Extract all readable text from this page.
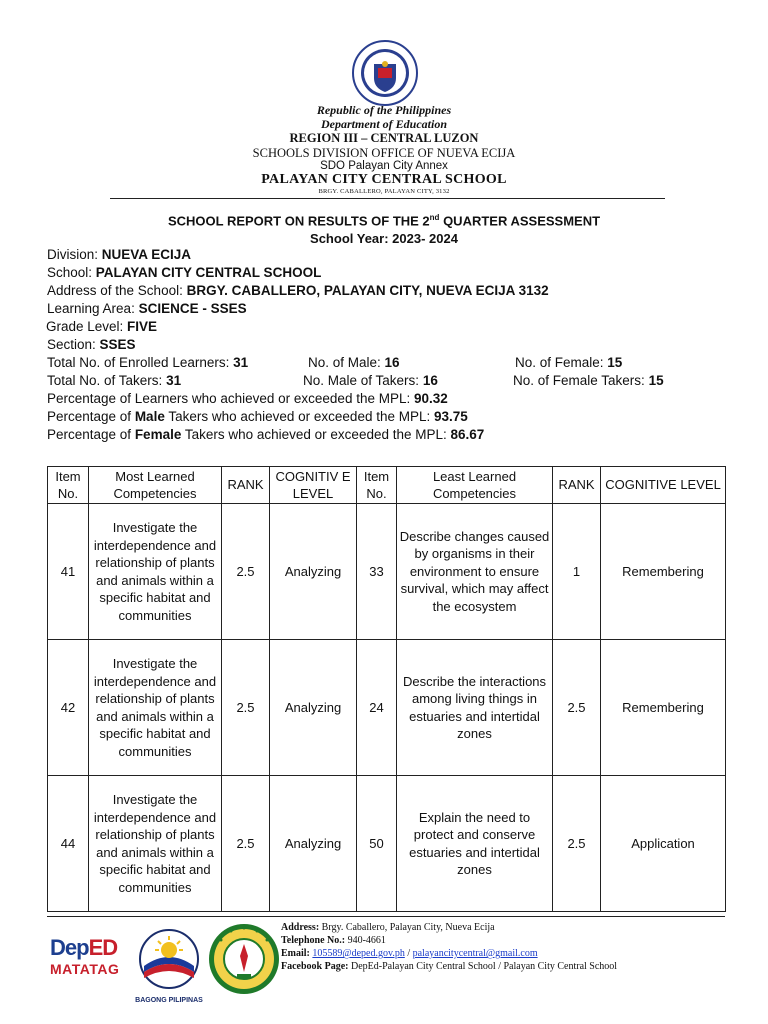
Republic of the Philippines
Department of Education
REGION III – CENTRAL LUZON
SCHOOLS DIVISION OFFICE OF NUEVA ECIJA
SDO Palayan City Annex
PALAYAN CITY CENTRAL SCHOOL
BRGY. CABALLERO, PALAYAN CITY, 3132
SCHOOL REPORT ON RESULTS OF THE 2nd QUARTER ASSESSMENT
School Year: 2023- 2024
Division: NUEVA ECIJA
School: PALAYAN CITY CENTRAL SCHOOL
Address of the School: BRGY. CABALLERO, PALAYAN CITY, NUEVA ECIJA 3132
Learning Area: SCIENCE - SSES
Grade Level: FIVE
Section: SSES
Total No. of Enrolled Learners: 31	No. of Male: 16	No. of Female: 15
Total No. of Takers: 31	No. Male of Takers: 16	No. of Female Takers: 15
Percentage of Learners who achieved or exceeded the MPL: 90.32
Percentage of Male Takers who achieved or exceeded the MPL: 93.75
Percentage of Female Takers who achieved or exceeded the MPL: 86.67
Item No.	Most Learned Competencies	RANK	COGNITIV E LEVEL	Item No.	Least Learned Competencies	RANK	COGNITIVE LEVEL
41	Investigate the interdependence and relationship of plants and animals within a specific habitat and communities	2.5	Analyzing	33	Describe changes caused by organisms in their environment to ensure survival, which may affect the ecosystem	1	Remembering
42	Investigate the interdependence and relationship of plants and animals within a specific habitat and communities	2.5	Analyzing	24	Describe the interactions among living things in estuaries and intertidal zones	2.5	Remembering
44	Investigate the interdependence and relationship of plants and animals within a specific habitat and communities	2.5	Analyzing	50	Explain the need to protect and conserve estuaries and intertidal zones	2.5	Application
DepED
MATATAG
BAGONG PILIPINAS
Address: Brgy. Caballero, Palayan City, Nueva Ecija
Telephone No.: 940-4661
Email: 105589@deped.gov.ph / palayancitycentral@gmail.com
Facebook Page: DepEd-Palayan City Central School / Palayan City Central School
